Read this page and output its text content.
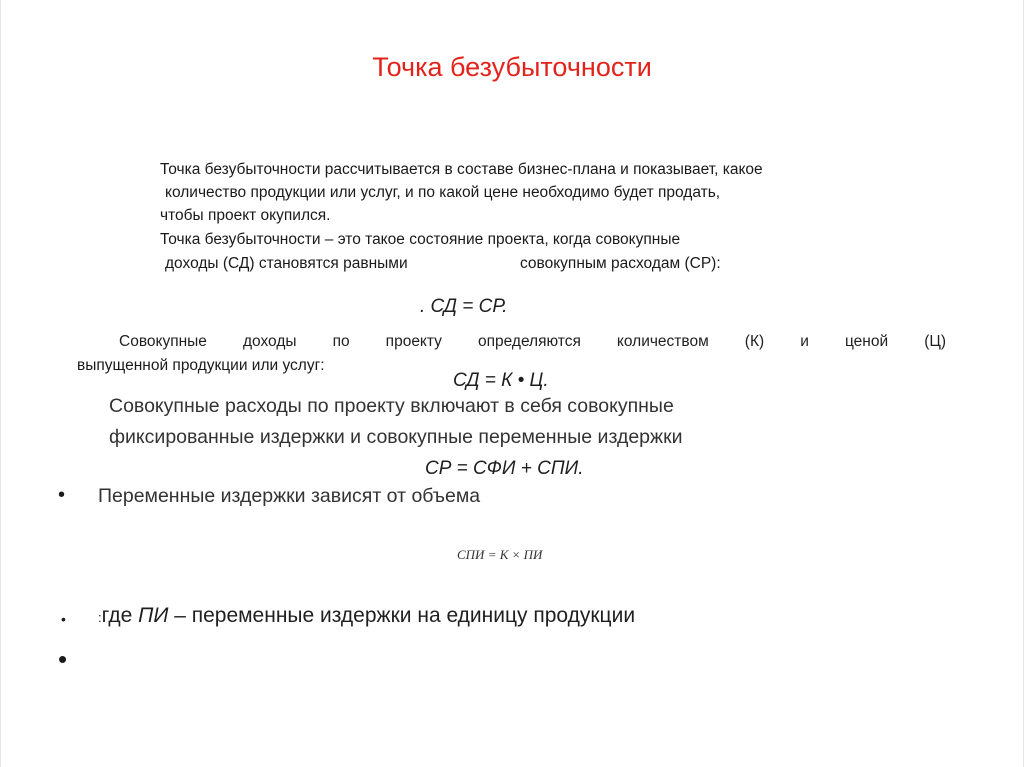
Точка безубыточности
Точка безубыточности рассчитывается в составе бизнес-плана и показывает, какое
количество продукции или услуг, и по какой цене необходимо будет продать,
чтобы проект окупился.
Точка безубыточности – это такое состояние проекта, когда совокупные
доходы (СД) становятся равными	совокупным расходам (СР):
. СД = СР.
Совокупные доходы по проекту определяются количеством (К) и ценой (Ц)
выпущенной продукции или услуг:
СД = К • Ц.
Совокупные расходы по проекту включают в себя совокупные
фиксированные издержки и совокупные переменные издержки
СР = СФИ + СПИ.
• Переменные издержки зависят от объема
СПИ = К × ПИ
• :где ПИ – переменные издержки на единицу продукции
•
